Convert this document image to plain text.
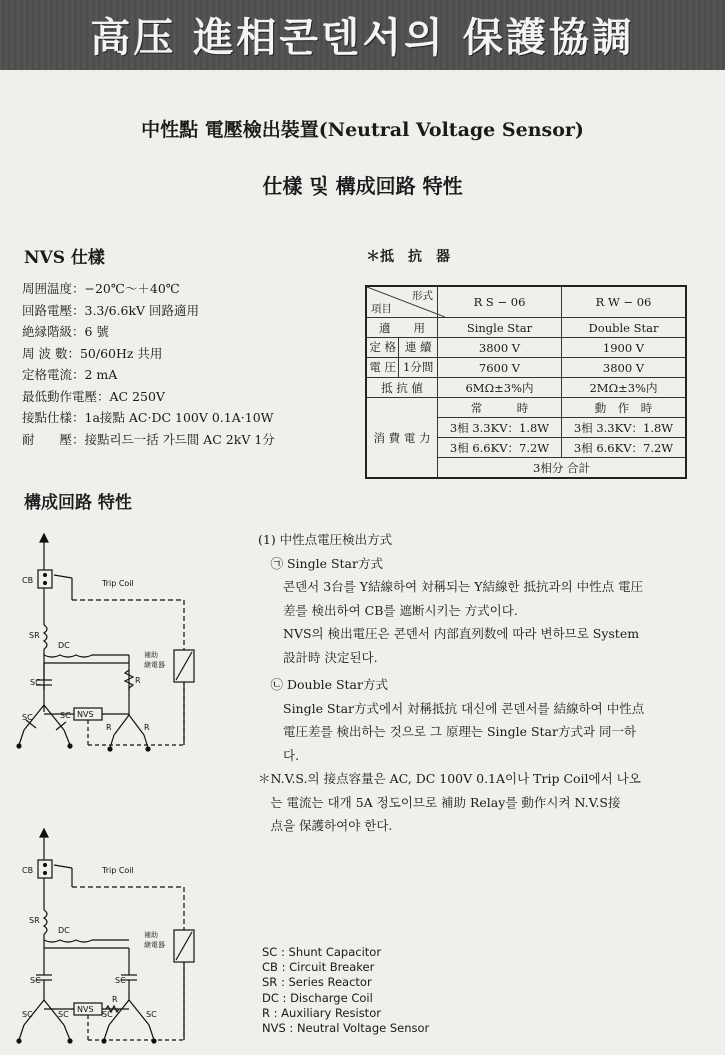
高压 進相콘덴서의 保護協調
中性點 電壓檢出裝置(Neutral Voltage Sensor)
仕樣 및 構成回路 特性
NVS 仕樣
周囲温度：−20℃～＋40℃
回路電壓：3.3/6.6kV 回路適用
絶縁階級：6 號
周 波 數：50/60Hz 共用
定格電流：2 mA
最低動作電壓：AC 250V
接點仕樣：1a接點 AC·DC 100V 0.1A·10W
耐　　壓：接點리드一括 가드間 AC 2kV 1分
＊抵　抗　器
形式
項目	R S − 06	R W − 06
適　　用	Single Star	Double Star

定 格 連 續	3800 V	1900 V

電 圧 1分間	7600 V	3800 V
抵 抗 値	6MΩ±3%内	2MΩ±3%内
消 費 電 力	常　　　時	動　作　時
	3相 3.3KV：1.8W	3相 3.3KV：1.8W
	3相 6.6KV：7.2W	3相 6.6KV：7.2W
	3相分 合計	
構成回路 特性
CB	Trip Coil
SR
DC
SC	R
補助
継電器
SC	SC NVS
R	R
CB	Trip Coil
SR
DC
SC	SC
補助
継電器
SC	SC	SC	SC
NVS
R
(1) 中性点電圧検出方式
　㉠ Single Star方式
　　콘덴서 3台를 Y結線하여 対稱되는 Y結線한 抵抗과의 中性点 電圧
　　差를 検出하여 CB를 遮断시키는 方式이다.
　　NVS의 検出電圧은 콘덴서 内部直列数에 따라 변하므로 System
　　設計時 決定된다.
　㉡ Double Star方式
　　Single Star方式에서 対稱抵抗 대신에 콘덴서를 結線하여 中性点
　　電圧差를 検出하는 것으로 그 原理는 Single Star方式과 同一하
　　다.
＊N.V.S.의 接点容量은 AC, DC 100V 0.1A이나 Trip Coil에서 나오
　는 電流는 대개 5A 정도이므로 補助 Relay를 動作시켜 N.V.S接
　点을 保護하여야 한다.
SC : Shunt Capacitor
CB : Circuit Breaker
SR : Series Reactor
DC : Discharge Coil
R : Auxiliary Resistor
NVS : Neutral Voltage Sensor
